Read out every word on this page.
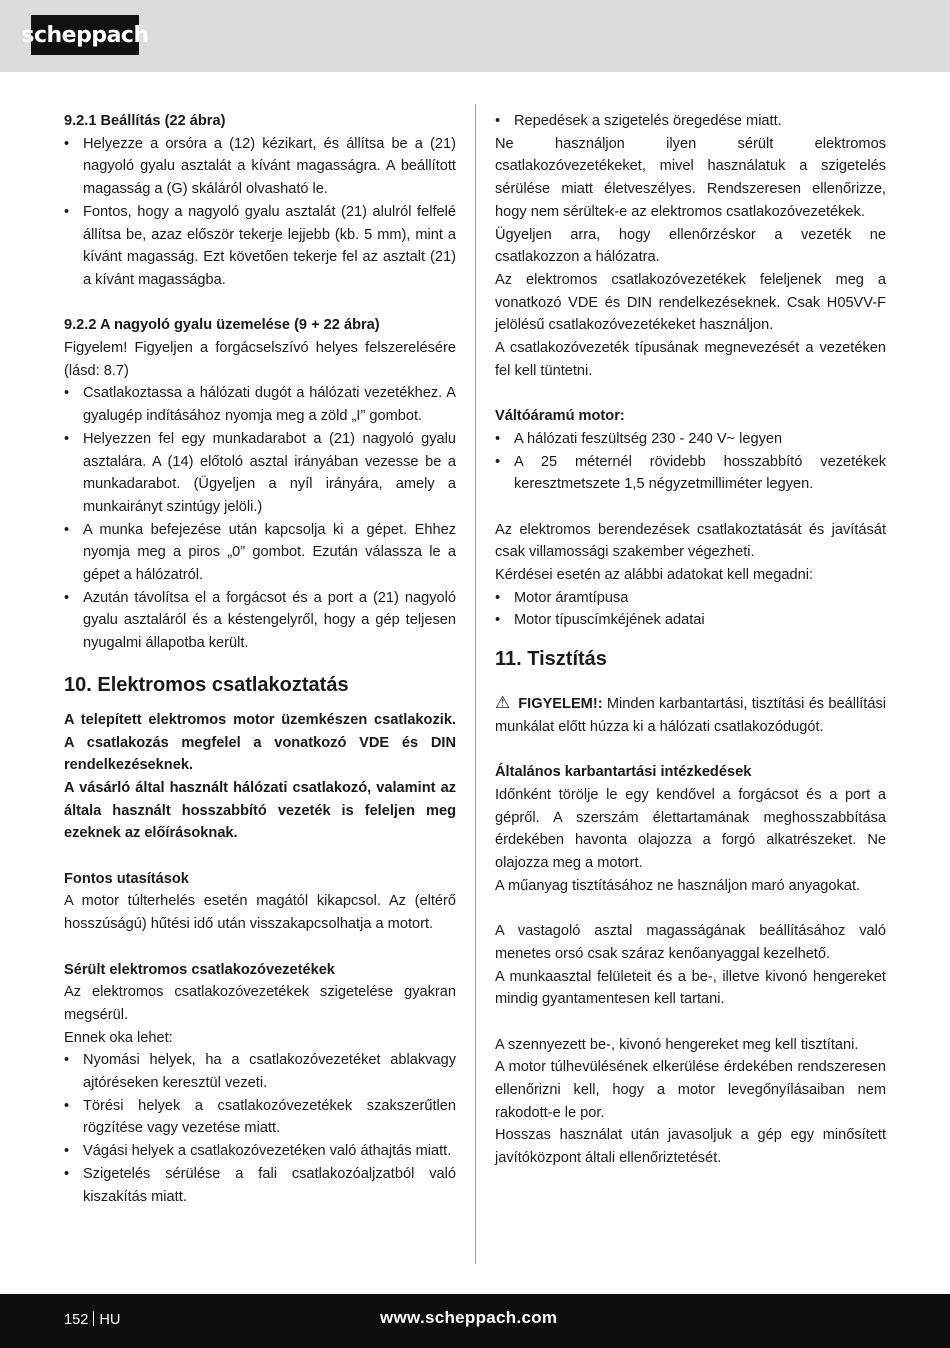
scheppach

9.2.1 Beállítás (22 ábra)

• Helyezze a orsóra a (12) kézikart, és állítsa be a (21) nagyoló gyalu asztalát a kívánt magasságra. A beállított magasság a (G) skáláról olvasható le.
• Fontos, hogy a nagyoló gyalu asztalát (21) alulról felfelé állítsa be, azaz először tekerje lejjebb (kb. 5 mm), mint a kívánt magasság. Ezt követően tekerje fel az asztalt (21) a kívánt magasságba.

9.2.2 A nagyoló gyalu üzemelése (9 + 22 ábra)

Figyelem! Figyeljen a forgácselszívó helyes felszerelésére (lásd: 8.7)

• Csatlakoztassa a hálózati dugót a hálózati vezetékhez. A gyalugép indításához nyomja meg a zöld „I” gombot.
• Helyezzen fel egy munkadarabot a (21) nagyoló gyalu asztalára. A (14) előtoló asztal irányában vezesse be a munkadarabot. (Ügyeljen a nyíl irányára, amely a munkairányt szintúgy jelöli.)
• A munka befejezése után kapcsolja ki a gépet. Ehhez nyomja meg a piros „0” gombot. Ezután válassza le a gépet a hálózatról.
• Azután távolítsa el a forgácsot és a port a (21) nagyoló gyalu asztaláról és a késtengelyről, hogy a gép teljesen nyugalmi állapotba került.
10. Elektromos csatlakoztatás

A telepített elektromos motor üzemkészen csatlakozik. A csatlakozás megfelel a vonatkozó VDE és DIN rendelkezéseknek.

A vásárló által használt hálózati csatlakozó, valamint az általa használt hosszabbító vezeték is feleljen meg ezeknek az előírásoknak.

Fontos utasítások

A motor túlterhelés esetén magától kikapcsol. Az (eltérő hosszúságú) hűtési idő után visszakapcsolhatja a motort.

Sérült elektromos csatlakozóvezetékek

Az elektromos csatlakozóvezetékek szigetelése gyakran megsérül.

Ennek oka lehet:

• Nyomási helyek, ha a csatlakozóvezetéket ablakvagy ajtóréseken keresztül vezeti.
• Törési helyek a csatlakozóvezetékek szakszerűtlen rögzítése vagy vezetése miatt.
• Vágási helyek a csatlakozóvezetéken való áthajtás miatt.
• Szigetelés sérülése a fali csatlakozóaljzatból való kiszakítás miatt.
• Repedések a szigetelés öregedése miatt.

Ne használjon ilyen sérült elektromos csatlakozóvezetékeket, mivel használatuk a szigetelés sérülése miatt életveszélyes. Rendszeresen ellenőrizze, hogy nem sérültek-e az elektromos csatlakozóvezetékek.

Ügyeljen arra, hogy ellenőrzéskor a vezeték ne csatlakozzon a hálózatra.

Az elektromos csatlakozóvezetékek feleljenek meg a vonatkozó VDE és DIN rendelkezéseknek. Csak H05VV-F jelölésű csatlakozóvezetékeket használjon.

A csatlakozóvezeték típusának megnevezését a vezetéken fel kell tüntetni.

Váltóáramú motor:

• A hálózati feszültség 230 - 240 V~ legyen
• A 25 méternél rövidebb hosszabbító vezetékek keresztmetszete 1,5 négyzetmilliméter legyen.

Az elektromos berendezések csatlakoztatását és javítását csak villamossági szakember végezheti.

Kérdései esetén az alábbi adatokat kell megadni:

• Motor áramtípusa
• Motor típuscímkéjének adatai
11. Tisztítás

⚠ FIGYELEM!: Minden karbantartási, tisztítási és beállítási munkálat előtt húzza ki a hálózati csatlakozódugót.

Általános karbantartási intézkedések

Időnként törölje le egy kendővel a forgácsot és a port a gépről. A szerszám élettartamának meghosszabbítása érdekében havonta olajozza a forgó alkatrészeket. Ne olajozza meg a motort.

A műanyag tisztításához ne használjon maró anyagokat.

A vastagoló asztal magasságának beállításához való menetes orsó csak száraz kenőanyaggal kezelhető.

A munkaasztal felületeit és a be-, illetve kivonó hengereket mindig gyantamentesen kell tartani.

A szennyezett be-, kivonó hengereket meg kell tisztítani.

A motor túlhevülésének elkerülése érdekében rendszeresen ellenőrizni kell, hogy a motor levegőnyílásaiban nem rakodott-e le por.

Hosszas használat után javasoljuk a gép egy minősített javítóközpont általi ellenőriztetését.

152 HU	www.scheppach.com
